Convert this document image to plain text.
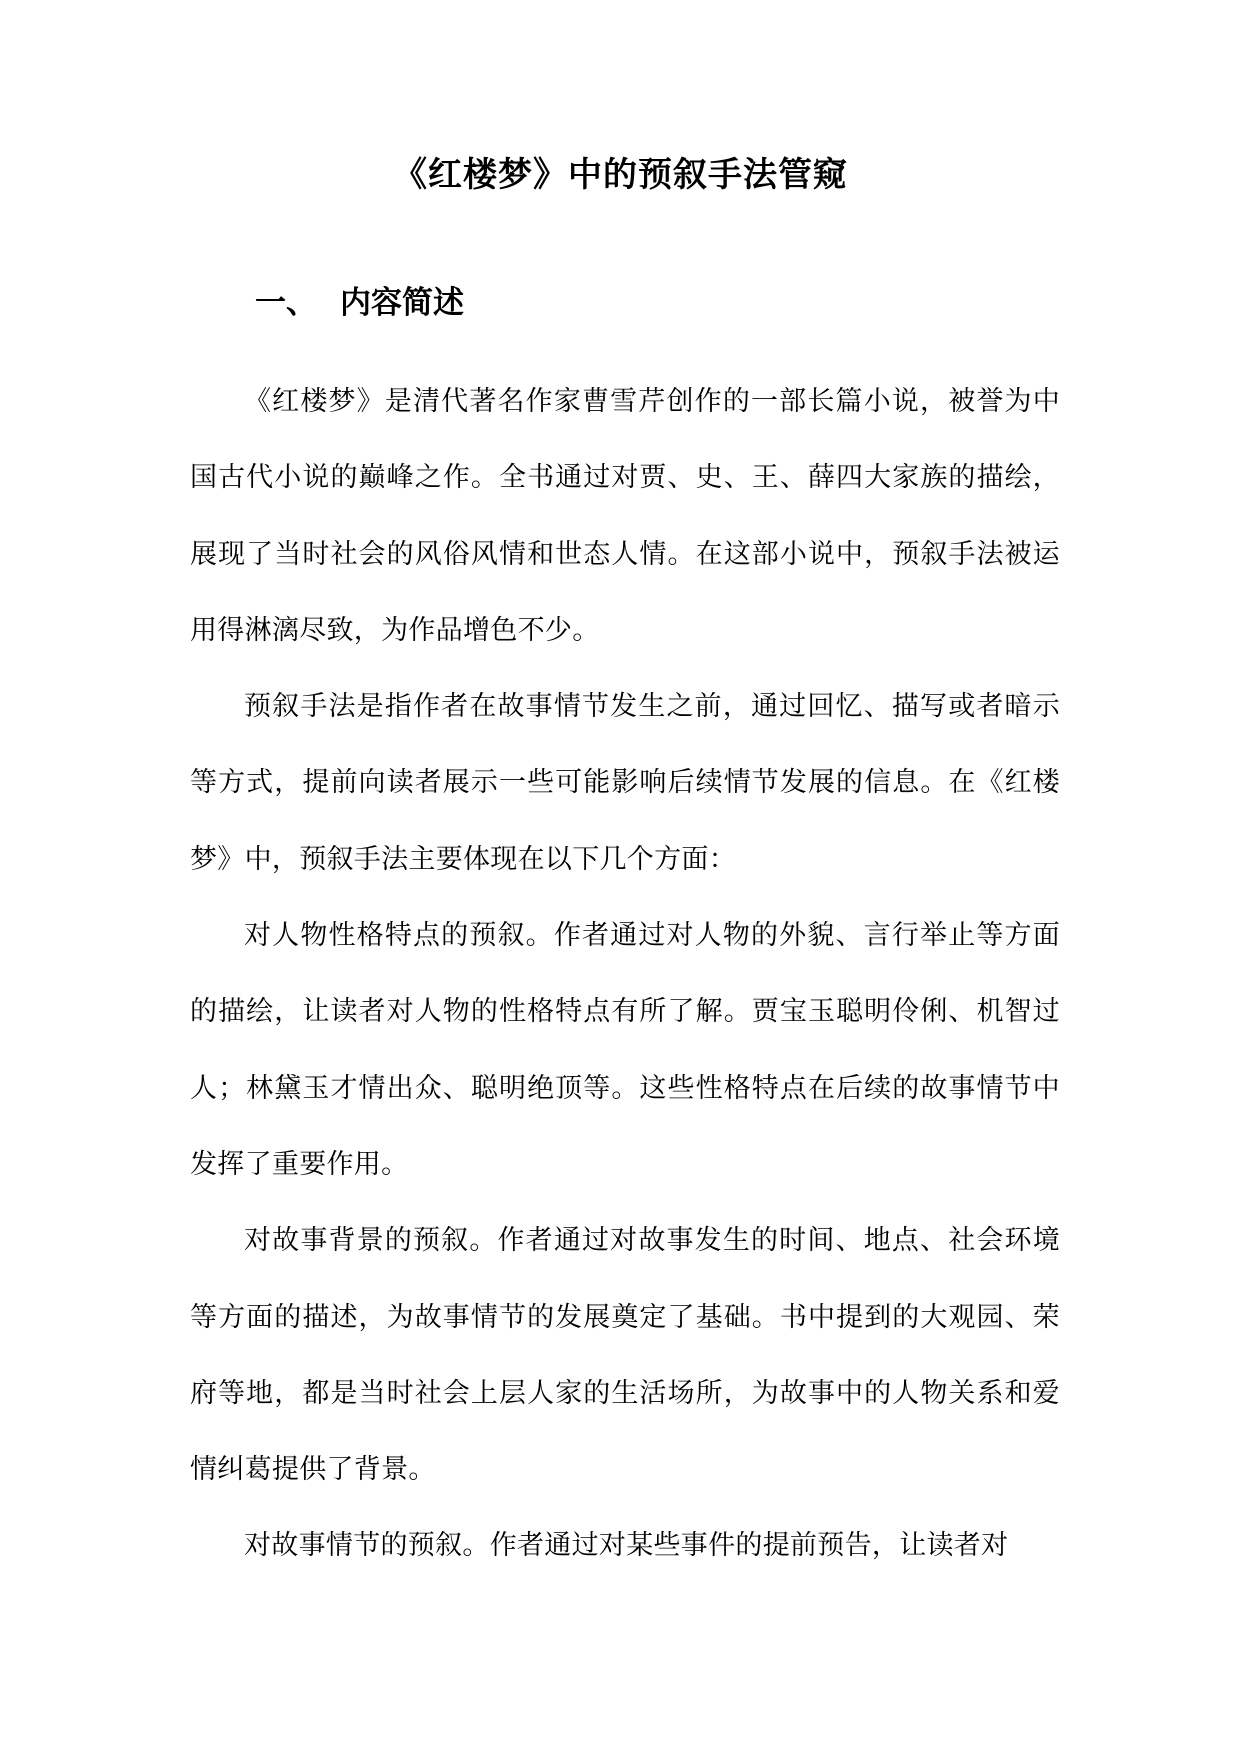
《红楼梦》中的预叙手法管窥
一、 内容简述

《红楼梦》是清代著名作家曹雪芹创作的一部长篇小说，被誉为中国古代小说的巅峰之作。全书通过对贾、史、王、薛四大家族的描绘，展现了当时社会的风俗风情和世态人情。在这部小说中，预叙手法被运用得淋漓尽致，为作品增色不少。

预叙手法是指作者在故事情节发生之前，通过回忆、描写或者暗示等方式，提前向读者展示一些可能影响后续情节发展的信息。在《红楼梦》中，预叙手法主要体现在以下几个方面：

对人物性格特点的预叙。作者通过对人物的外貌、言行举止等方面的描绘，让读者对人物的性格特点有所了解。贾宝玉聪明伶俐、机智过人；林黛玉才情出众、聪明绝顶等。这些性格特点在后续的故事情节中发挥了重要作用。

对故事背景的预叙。作者通过对故事发生的时间、地点、社会环境等方面的描述，为故事情节的发展奠定了基础。书中提到的大观园、荣府等地，都是当时社会上层人家的生活场所，为故事中的人物关系和爱情纠葛提供了背景。

对故事情节的预叙。作者通过对某些事件的提前预告，让读者对
